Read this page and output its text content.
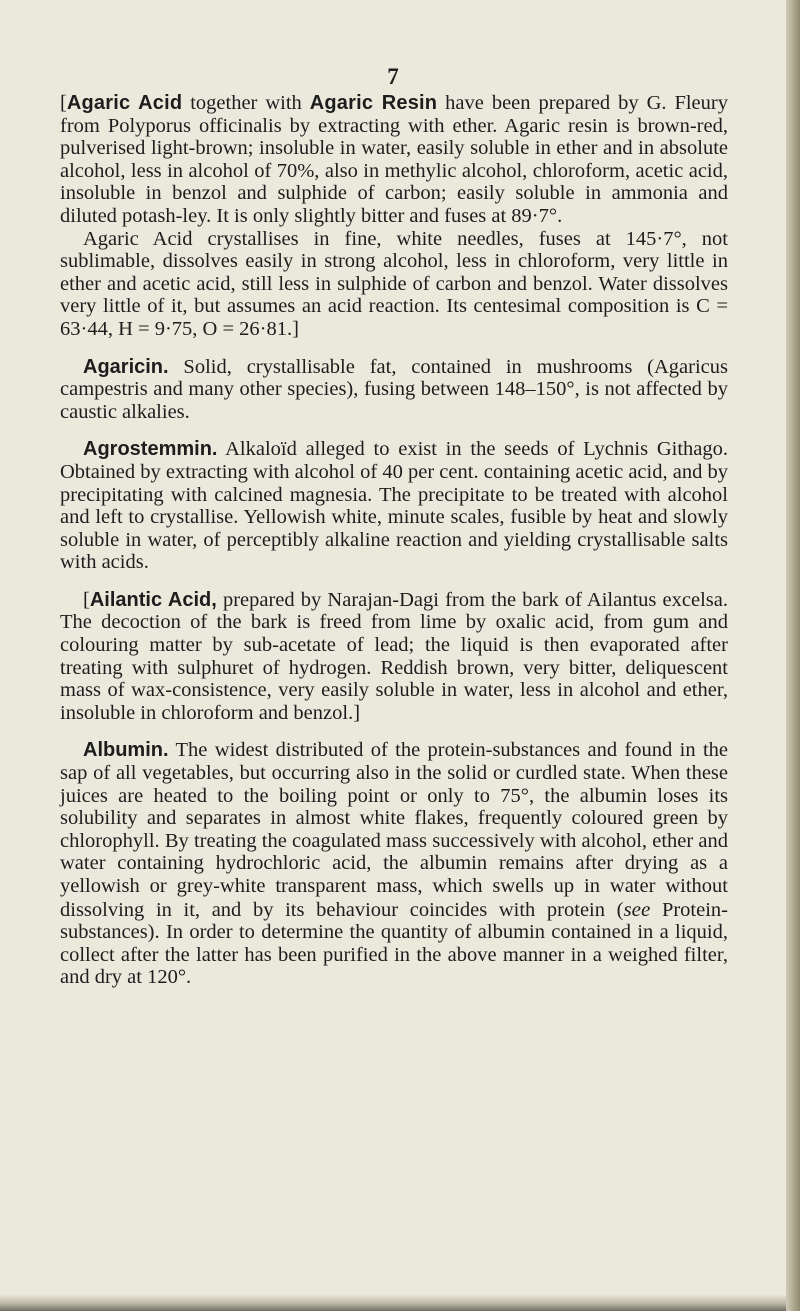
7

[Agaric Acid together with Agaric Resin have been prepared by G. Fleury from Polyporus officinalis by extracting with ether. Agaric resin is brown-red, pulverised light-brown; insoluble in water, easily soluble in ether and in absolute alcohol, less in alcohol of 70%, also in methylic alcohol, chloroform, acetic acid, insoluble in benzol and sulphide of carbon; easily soluble in ammonia and diluted potash-ley. It is only slightly bitter and fuses at 89·7°.

Agaric Acid crystallises in fine, white needles, fuses at 145·7°, not sublimable, dissolves easily in strong alcohol, less in chloroform, very little in ether and acetic acid, still less in sulphide of carbon and benzol. Water dissolves very little of it, but assumes an acid reaction. Its centesimal composition is C = 63·44, H = 9·75, O = 26·81.]

Agaricin. Solid, crystallisable fat, contained in mushrooms (Agaricus campestris and many other species), fusing between 148–150°, is not affected by caustic alkalies.

Agrostemmin. Alkaloïd alleged to exist in the seeds of Lychnis Githago. Obtained by extracting with alcohol of 40 per cent. containing acetic acid, and by precipitating with calcined magnesia. The precipitate to be treated with alcohol and left to crystallise. Yellowish white, minute scales, fusible by heat and slowly soluble in water, of perceptibly alkaline reaction and yielding crystallisable salts with acids.

[Ailantic Acid, prepared by Narajan-Dagi from the bark of Ailantus excelsa. The decoction of the bark is freed from lime by oxalic acid, from gum and colouring matter by sub-acetate of lead; the liquid is then evaporated after treating with sulphuret of hydrogen. Reddish brown, very bitter, deliquescent mass of wax-consistence, very easily soluble in water, less in alcohol and ether, insoluble in chloroform and benzol.]

Albumin. The widest distributed of the protein-substances and found in the sap of all vegetables, but occurring also in the solid or curdled state. When these juices are heated to the boiling point or only to 75°, the albumin loses its solubility and separates in almost white flakes, frequently coloured green by chlorophyll. By treating the coagulated mass successively with alcohol, ether and water containing hydrochloric acid, the albumin remains after drying as a yellowish or grey-white transparent mass, which swells up in water without dissolving in it, and by its behaviour coincides with protein (see Protein-substances). In order to determine the quantity of albumin contained in a liquid, collect after the latter has been purified in the above manner in a weighed filter, and dry at 120°.
